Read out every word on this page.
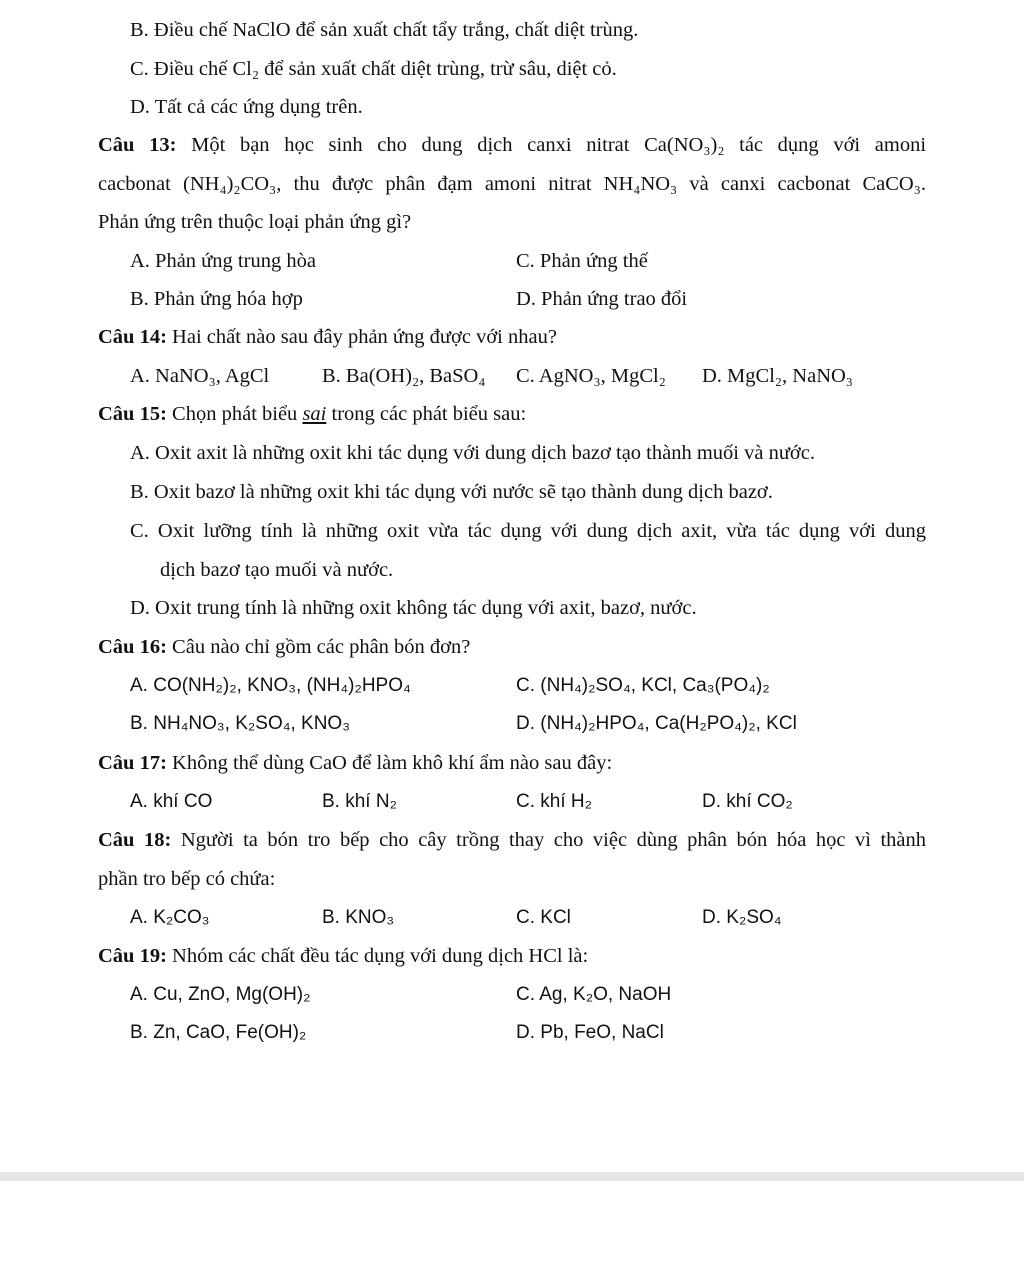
B. Điều chế NaClO để sản xuất chất tẩy trắng, chất diệt trùng.
C. Điều chế Cl₂ để sản xuất chất diệt trùng, trừ sâu, diệt cỏ.
D. Tất cả các ứng dụng trên.
Câu 13: Một bạn học sinh cho dung dịch canxi nitrat Ca(NO₃)₂ tác dụng với amoni
cacbonat (NH₄)₂CO₃, thu được phân đạm amoni nitrat NH₄NO₃ và canxi cacbonat CaCO₃.
Phản ứng trên thuộc loại phản ứng gì?
A. Phản ứng trung hòa	C. Phản ứng thế
B. Phản ứng hóa hợp	D. Phản ứng trao đổi
Câu 14: Hai chất nào sau đây phản ứng được với nhau?
A. NaNO₃, AgCl	B. Ba(OH)₂, BaSO₄ C. AgNO₃, MgCl₂ D. MgCl₂, NaNO₃
Câu 15: Chọn phát biểu sai trong các phát biểu sau:
A. Oxit axit là những oxit khi tác dụng với dung dịch bazơ tạo thành muối và nước.
B. Oxit bazơ là những oxit khi tác dụng với nước sẽ tạo thành dung dịch bazơ.
C. Oxit lưỡng tính là những oxit vừa tác dụng với dung dịch axit, vừa tác dụng với dung
dịch bazơ tạo muối và nước.
D. Oxit trung tính là những oxit không tác dụng với axit, bazơ, nước.
Câu 16: Câu nào chỉ gồm các phân bón đơn?
A. CO(NH₂)₂, KNO₃, (NH₄)₂HPO₄	C. (NH₄)₂SO₄, KCl, Ca₃(PO₄)₂
B. NH₄NO₃, K₂SO₄, KNO₃	D. (NH₄)₂HPO₄, Ca(H₂PO₄)₂, KCl
Câu 17: Không thể dùng CaO để làm khô khí ẩm nào sau đây:
A. khí CO	B. khí N₂	C. khí H₂	D. khí CO₂
Câu 18: Người ta bón tro bếp cho cây trồng thay cho việc dùng phân bón hóa học vì thành
phần tro bếp có chứa:
A. K₂CO₃	B. KNO₃	C. KCl	D. K₂SO₄
Câu 19: Nhóm các chất đều tác dụng với dung dịch HCl là:
A. Cu, ZnO, Mg(OH)₂	C. Ag, K₂O, NaOH
B. Zn, CaO, Fe(OH)₂	D. Pb, FeO, NaCl
